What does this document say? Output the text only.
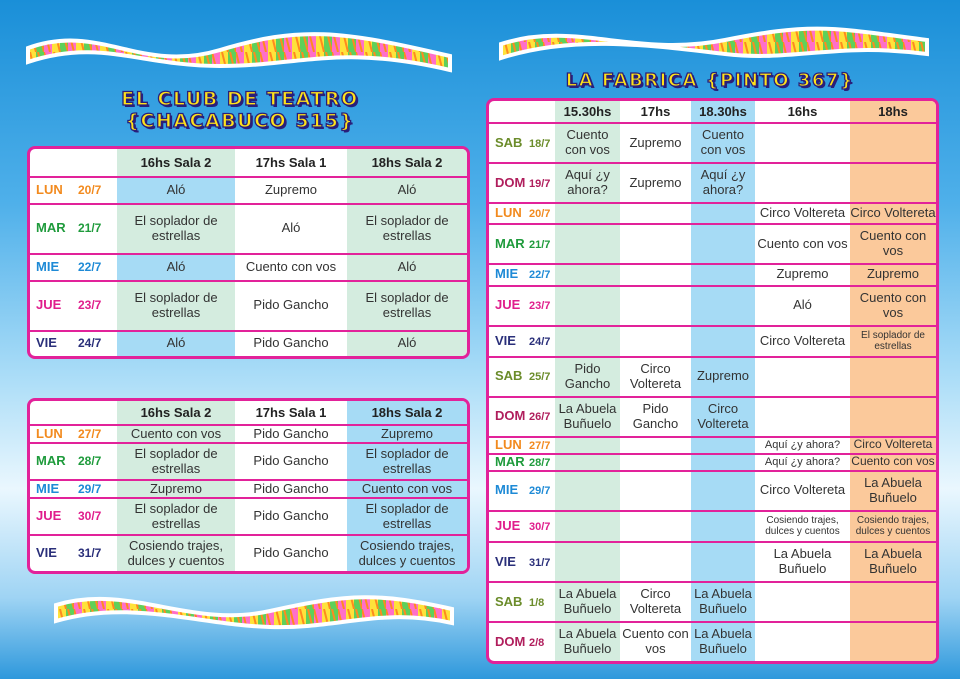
EL CLUB DE TEATRO
{CHACABUCO 515}
	16hs Sala 2	17hs Sala 1	18hs Sala 2
LUN 20/7	Aló	Zupremo	Aló
MAR 21/7	El soplador de estrellas	Aló	El soplador de estrellas
MIE 22/7	Aló	Cuento con vos	Aló
JUE 23/7	El soplador de estrellas	Pido Gancho	El soplador de estrellas
VIE 24/7	Aló	Pido Gancho	Aló
	16hs Sala 2	17hs Sala 1	18hs Sala 2
LUN 27/7	Cuento con vos	Pido Gancho	Zupremo
MAR 28/7	El soplador de estrellas	Pido Gancho	El soplador de estrellas
MIE 29/7	Zupremo	Pido Gancho	Cuento con vos
JUE 30/7	El soplador de estrellas	Pido Gancho	El soplador de estrellas
VIE 31/7	Cosiendo trajes, dulces y cuentos	Pido Gancho	Cosiendo trajes, dulces y cuentos
LA FABRICA {PINTO 367}
	15.30hs	17hs	18.30hs	16hs	18hs
SAB 18/7	Cuento con vos	Zupremo	Cuento con vos		
DOM 19/7	Aquí ¿y ahora?	Zupremo	Aquí ¿y ahora?		
LUN 20/7				Circo Voltereta	Circo Voltereta
MAR 21/7				Cuento con vos	Cuento con vos
MIE 22/7				Zupremo	Zupremo
JUE 23/7				Aló	Cuento con vos
VIE 24/7				Circo Voltereta	El soplador de estrellas
SAB 25/7	Pido Gancho	Circo Voltereta	Zupremo		
DOM 26/7	La Abuela Buñuelo	Pido Gancho	Circo Voltereta		
LUN 27/7				Aquí ¿y ahora?	Circo Voltereta
MAR 28/7				Aquí ¿y ahora?	Cuento con vos
MIE 29/7				Circo Voltereta	La Abuela Buñuelo
JUE 30/7				Cosiendo trajes, dulces y cuentos	Cosiendo trajes, dulces y cuentos
VIE 31/7				La Abuela Buñuelo	La Abuela Buñuelo
SAB 1/8	La Abuela Buñuelo	Circo Voltereta	La Abuela Buñuelo		
DOM 2/8	La Abuela Buñuelo	Cuento con vos	La Abuela Buñuelo		
